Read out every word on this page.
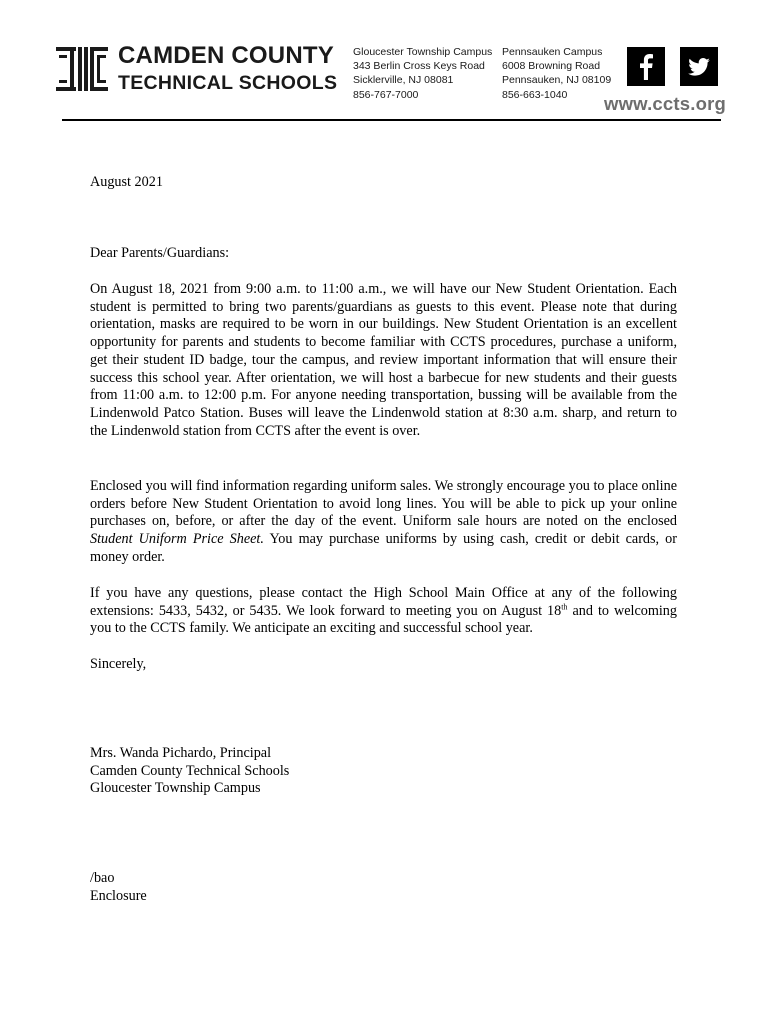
CAMDEN COUNTY
TECHNICAL SCHOOLS
Gloucester Township Campus
343 Berlin Cross Keys Road
Sicklerville, NJ 08081
856-767-7000
Pennsauken Campus
6008 Browning Road
Pennsauken, NJ 08109
856-663-1040	www.ccts.org

August 2021

Dear Parents/Guardians:

On August 18, 2021 from 9:00 a.m. to 11:00 a.m., we will have our New Student Orientation. Each student is permitted to bring two parents/guardians as guests to this event. Please note that during orientation, masks are required to be worn in our buildings. New Student Orientation is an excellent opportunity for parents and students to become familiar with CCTS procedures, purchase a uniform, get their student ID badge, tour the campus, and review important information that will ensure their success this school year. After orientation, we will host a barbecue for new students and their guests from 11:00 a.m. to 12:00 p.m. For anyone needing transportation, bussing will be available from the Lindenwold Patco Station. Buses will leave the Lindenwold station at 8:30 a.m. sharp, and return to the Lindenwold station from CCTS after the event is over.

Enclosed you will find information regarding uniform sales. We strongly encourage you to place online orders before New Student Orientation to avoid long lines. You will be able to pick up your online purchases on, before, or after the day of the event. Uniform sale hours are noted on the enclosed Student Uniform Price Sheet. You may purchase uniforms by using cash, credit or debit cards, or money order.

If you have any questions, please contact the High School Main Office at any of the following extensions: 5433, 5432, or 5435. We look forward to meeting you on August 18th and to welcoming you to the CCTS family. We anticipate an exciting and successful school year.

Sincerely,

Mrs. Wanda Pichardo, Principal
Camden County Technical Schools
Gloucester Township Campus

/bao
Enclosure
